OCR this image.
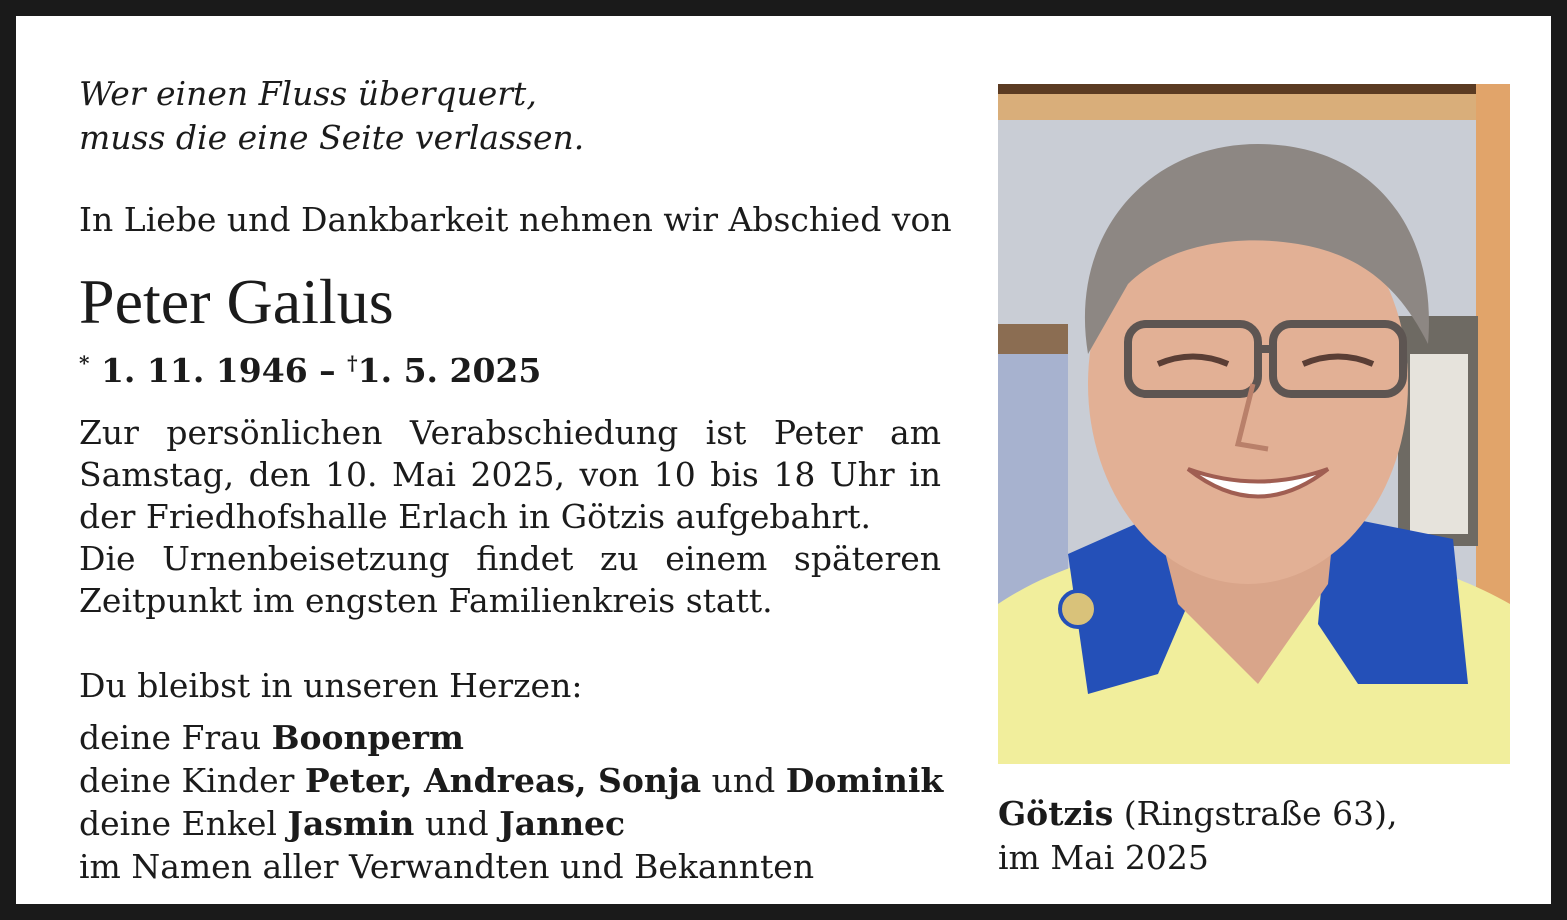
Wer einen Fluss überquert,
muss die eine Seite verlassen.
In Liebe und Dankbarkeit nehmen wir Abschied von
Peter Gailus
* 1. 11. 1946 – †1. 5. 2025

Zur persönlichen Verabschiedung ist Peter am Samstag, den 10. Mai 2025, von 10 bis 18 Uhr in der Friedhofshalle Erlach in Götzis aufgebahrt.

Die Urnenbeisetzung findet zu einem späteren Zeitpunkt im engsten Familienkreis statt.

Du bleibst in unseren Herzen:
deine Frau Boonperm
deine Kinder Peter, Andreas, Sonja und Dominik
deine Enkel Jasmin und Jannec
im Namen aller Verwandten und Bekannten
Götzis (Ringstraße 63),
im Mai 2025
